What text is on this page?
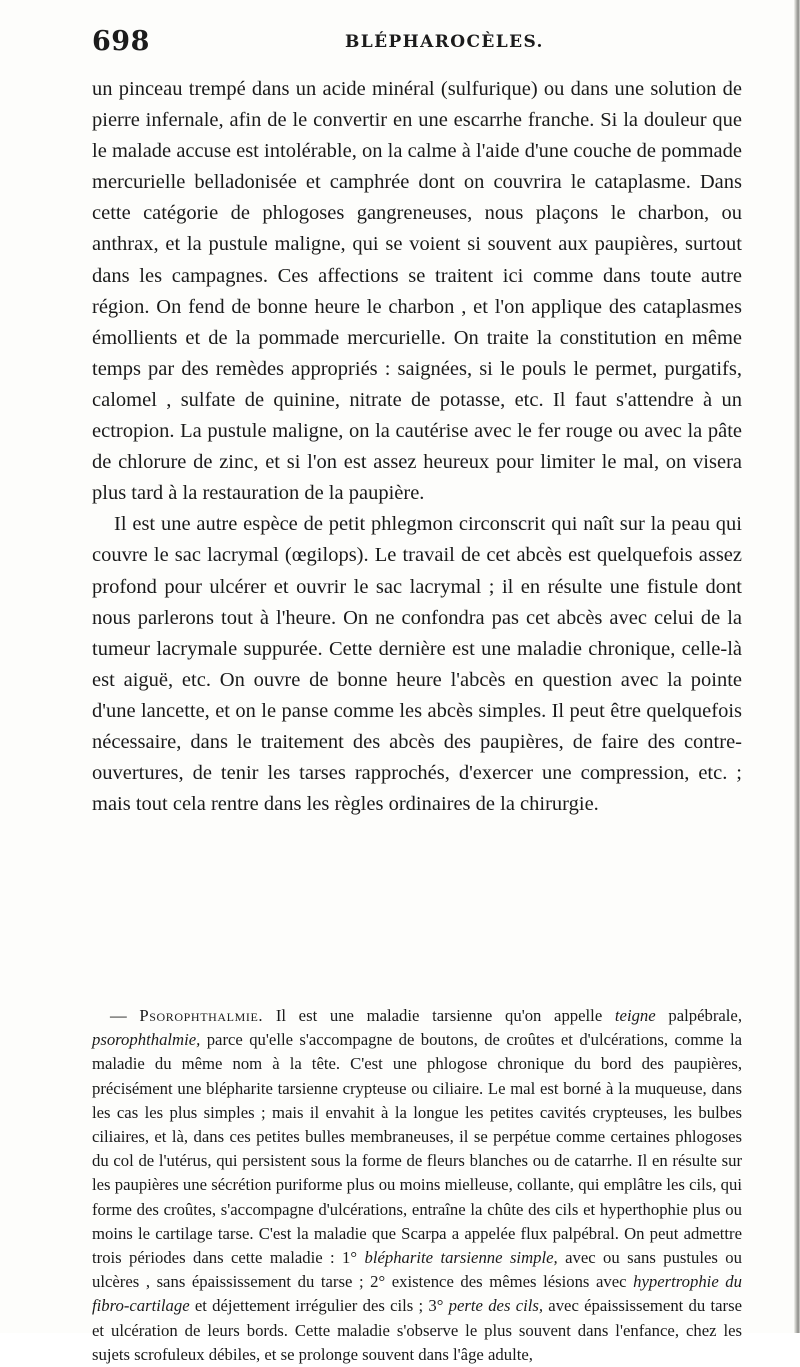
698	BLÉPHAROCÈLES.

un pinceau trempé dans un acide minéral (sulfurique) ou dans une solution de pierre infernale, afin de le convertir en une escarrhe franche. Si la douleur que le malade accuse est intolérable, on la calme à l'aide d'une couche de pommade mercurielle belladonisée et camphrée dont on couvrira le cataplasme. Dans cette catégorie de phlogoses gangreneuses, nous plaçons le charbon, ou anthrax, et la pustule maligne, qui se voient si souvent aux paupières, surtout dans les campagnes. Ces affections se traitent ici comme dans toute autre région. On fend de bonne heure le charbon , et l'on applique des cataplasmes émollients et de la pommade mercurielle. On traite la constitution en même temps par des remèdes appropriés : saignées, si le pouls le permet, purgatifs, calomel , sulfate de quinine, nitrate de potasse, etc. Il faut s'attendre à un ectropion. La pustule maligne, on la cautérise avec le fer rouge ou avec la pâte de chlorure de zinc, et si l'on est assez heureux pour limiter le mal, on visera plus tard à la restauration de la paupière.

Il est une autre espèce de petit phlegmon circonscrit qui naît sur la peau qui couvre le sac lacrymal (œgilops). Le travail de cet abcès est quelquefois assez profond pour ulcérer et ouvrir le sac lacrymal ; il en résulte une fistule dont nous parlerons tout à l'heure. On ne confondra pas cet abcès avec celui de la tumeur lacrymale suppurée. Cette dernière est une maladie chronique, celle-là est aiguë, etc. On ouvre de bonne heure l'abcès en question avec la pointe d'une lancette, et on le panse comme les abcès simples. Il peut être quelquefois nécessaire, dans le traitement des abcès des paupières, de faire des contre-ouvertures, de tenir les tarses rapprochés, d'exercer une compression, etc. ; mais tout cela rentre dans les règles ordinaires de la chirurgie.

— Psorophthalmie. Il est une maladie tarsienne qu'on appelle teigne palpébrale, psorophthalmie, parce qu'elle s'accompagne de boutons, de croûtes et d'ulcérations, comme la maladie du même nom à la tête. C'est une phlogose chronique du bord des paupières, précisément une blépharite tarsienne crypteuse ou ciliaire. Le mal est borné à la muqueuse, dans les cas les plus simples ; mais il envahit à la longue les petites cavités crypteuses, les bulbes ciliaires, et là, dans ces petites bulles membraneuses, il se perpétue comme certaines phlogoses du col de l'utérus, qui persistent sous la forme de fleurs blanches ou de catarrhe. Il en résulte sur les paupières une sécrétion puriforme plus ou moins mielleuse, collante, qui emplâtre les cils, qui forme des croûtes, s'accompagne d'ulcérations, entraîne la chûte des cils et hyperthophie plus ou moins le cartilage tarse. C'est la maladie que Scarpa a appelée flux palpébral. On peut admettre trois périodes dans cette maladie : 1° blépharite tarsienne simple, avec ou sans pustules ou ulcères , sans épaississement du tarse ; 2° existence des mêmes lésions avec hypertrophie du fibro-cartilage et déjettement irrégulier des cils ; 3° perte des cils, avec épaississement du tarse et ulcération de leurs bords. Cette maladie s'observe le plus souvent dans l'enfance, chez les sujets scrofuleux débiles, et se prolonge souvent dans l'âge adulte,
